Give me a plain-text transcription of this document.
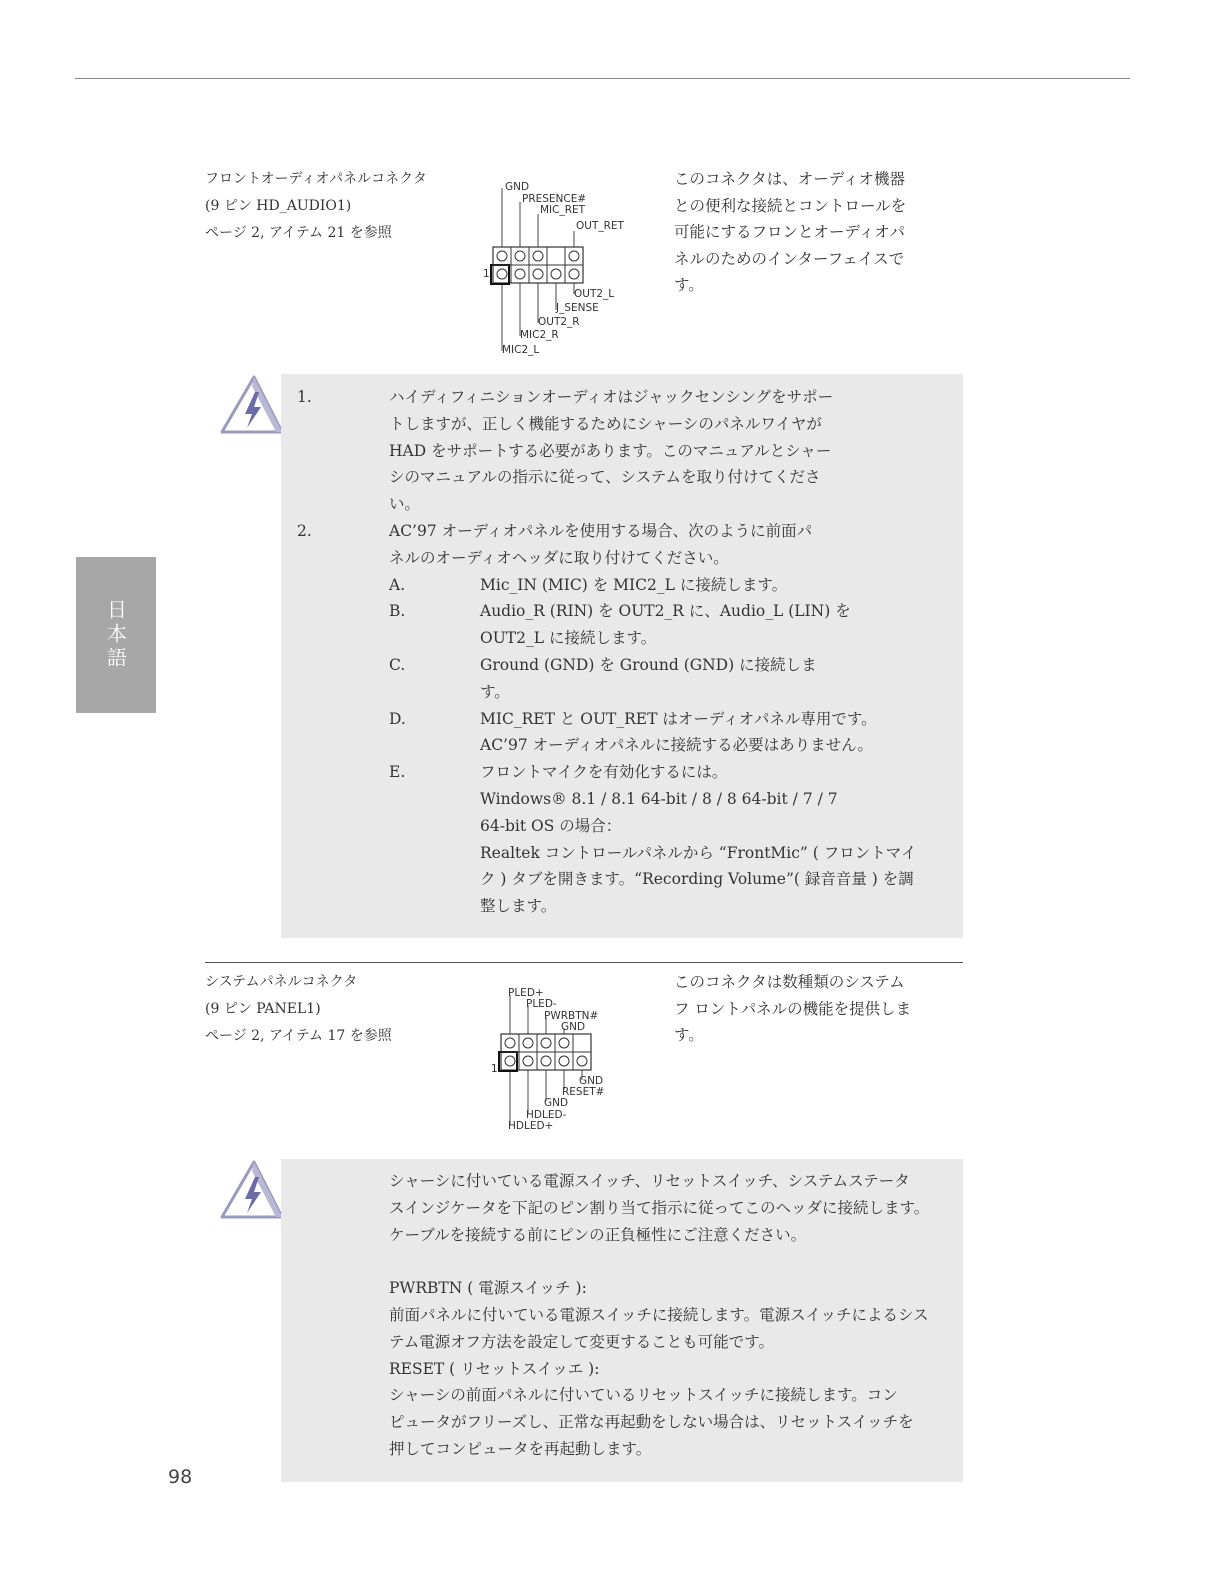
日本語
フロントオーディオパネルコネクタ
(9 ピン HD_AUDIO1)
ページ 2, アイテム 21 を参照
GND
PRESENCE#
MIC_RET
OUT_RET
1
OUT2_L
J_SENSE
OUT2_R
MIC2_R
MIC2_L
このコネクタは、オーディオ機器
との便利な接続とコントロールを
可能にするフロンとオーディオパ
ネルのためのインターフェイスで
す。
1.	ハイディフィニションオーディオはジャックセンシングをサポー
トしますが、正しく機能するためにシャーシのパネルワイヤが
HAD をサポートする必要があります。このマニュアルとシャー
シのマニュアルの指示に従って、システムを取り付けてくださ
い。
2.	AC’97 オーディオパネルを使用する場合、次のように前面パ
ネルのオーディオヘッダに取り付けてください。
A.	Mic_IN (MIC) を MIC2_L に接続します。
B.	Audio_R (RIN) を OUT2_R に、Audio_L (LIN) を
OUT2_L に接続します。
C.	Ground (GND) を Ground (GND) に接続しま
す。
D.	MIC_RET と OUT_RET はオーディオパネル専用です。
AC’97 オーディオパネルに接続する必要はありません。
E.	フロントマイクを有効化するには。
Windows® 8.1 / 8.1 64-bit / 8 / 8 64-bit / 7 / 7
64-bit OS の場合：
Realtek コントロールパネルから “FrontMic” ( フロントマイ
ク ) タブを開きます。“Recording Volume”( 録音音量 ) を調
整します。
システムパネルコネクタ
(9 ピン PANEL1)
ページ 2, アイテム 17 を参照
PLED+
PLED-
PWRBTN#
GND
1
GND
RESET#
GND
HDLED-
HDLED+
このコネクタは数種類のシステム
フ ロントパネルの機能を提供しま
す。
シャーシに付いている電源スイッチ、リセットスイッチ、システムステータ
スインジケータを下記のピン割り当て指示に従ってこのヘッダに接続します。
ケーブルを接続する前にピンの正負極性にご注意ください。
PWRBTN ( 電源スイッチ ):
前面パネルに付いている電源スイッチに接続します。電源スイッチによるシス
テム電源オフ方法を設定して変更することも可能です。
RESET ( リセットスイッエ ):
シャーシの前面パネルに付いているリセットスイッチに接続します。コン
ピュータがフリーズし、正常な再起動をしない場合は、リセットスイッチを
押してコンピュータを再起動します。
98
